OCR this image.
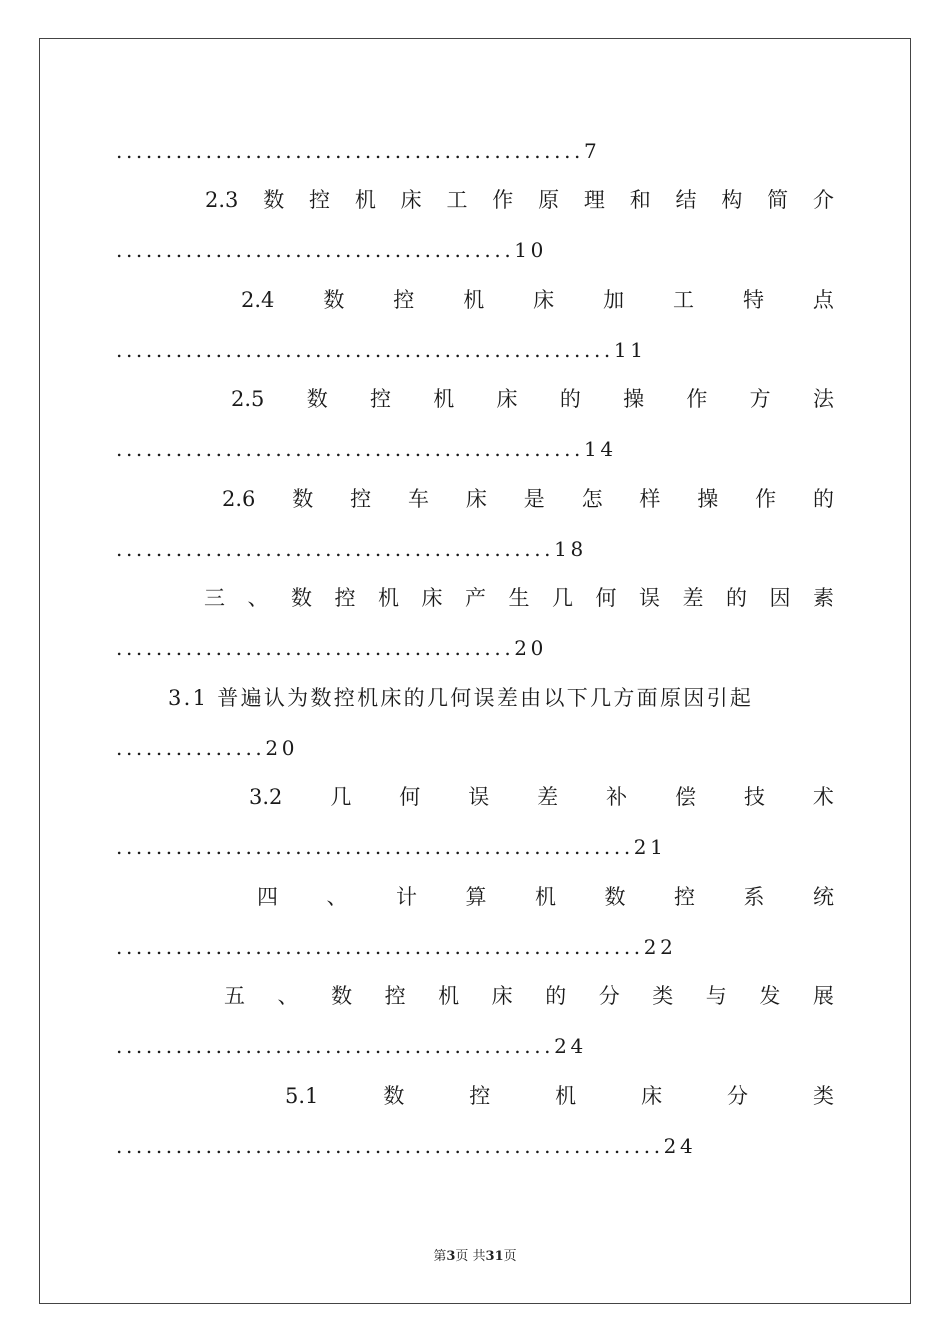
...............................................7
2.3 数 控 机 床 工 作 原 理 和 结 构 简 介
........................................10
2.4 数 控 机 床 加 工 特 点
..................................................11
2.5 数 控 机 床 的 操 作 方 法
...............................................14
2.6 数 控 车 床 是 怎 样 操 作 的
............................................18
三 、 数 控 机 床 产 生 几 何 误 差 的 因 素
........................................20
3.1 普遍认为数控机床的几何误差由以下几方面原因引起
...............20
3.2 几 何 误 差 补 偿 技 术
....................................................21
四 、 计 算 机 数 控 系 统
.....................................................22
五 、 数 控 机 床 的 分 类 与 发 展
............................................24
5.1	数	控	机	床	分	类
.......................................................24
第3页 共31页
